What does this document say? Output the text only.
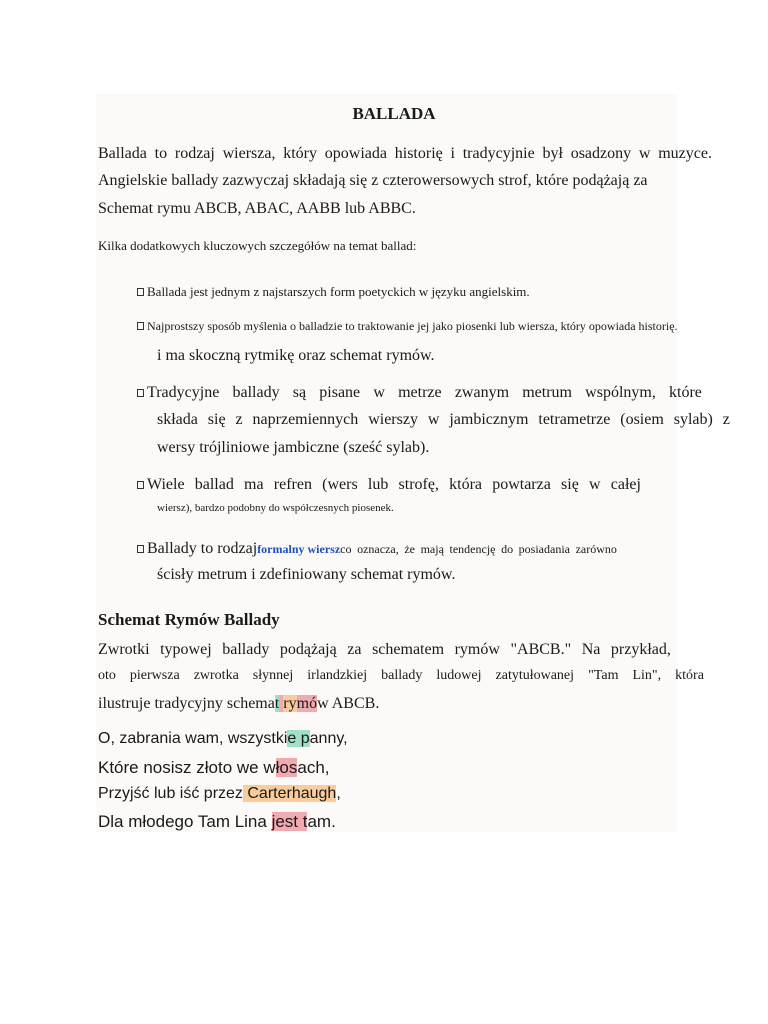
BALLADA
Ballada to rodzaj wiersza, który opowiada historię i tradycyjnie był osadzony w muzyce.
Angielskie ballady zazwyczaj składają się z czterowersowych strof, które podążają za
Schemat rymu ABCB, ABAC, AABB lub ABBC.
Kilka dodatkowych kluczowych szczegółów na temat ballad:
Ballada jest jednym z najstarszych form poetyckich w języku angielskim.
Najprostszy sposób myślenia o balladzie to traktowanie jej jako piosenki lub wiersza, który opowiada historię.
i ma skoczną rytmikę oraz schemat rymów.
Tradycyjne ballady są pisane w metrze zwanym metrum wspólnym, które
składa się z naprzemiennych wierszy w jambicznym tetrametrze (osiem sylab) z
wersy trójliniowe jambiczne (sześć sylab).
Wiele ballad ma refren (wers lub strofę, która powtarza się w całej
wiersz), bardzo podobny do współczesnych piosenek.
Ballady to rodzajformalny wierszco oznacza, że mają tendencję do posiadania zarówno
ścisły metrum i zdefiniowany schemat rymów.
Schemat Rymów Ballady
Zwrotki typowej ballady podążają za schematem rymów "ABCB." Na przykład,
oto pierwsza zwrotka słynnej irlandzkiej ballady ludowej zatytułowanej "Tam Lin", która
ilustruje tradycyjny schemat rymów ABCB.
O, zabrania wam, wszystkie panny,
Które nosisz złoto we włosach,
Przyjść lub iść przez Carterhaugh,
Dla młodego Tam Lina jest tam.
